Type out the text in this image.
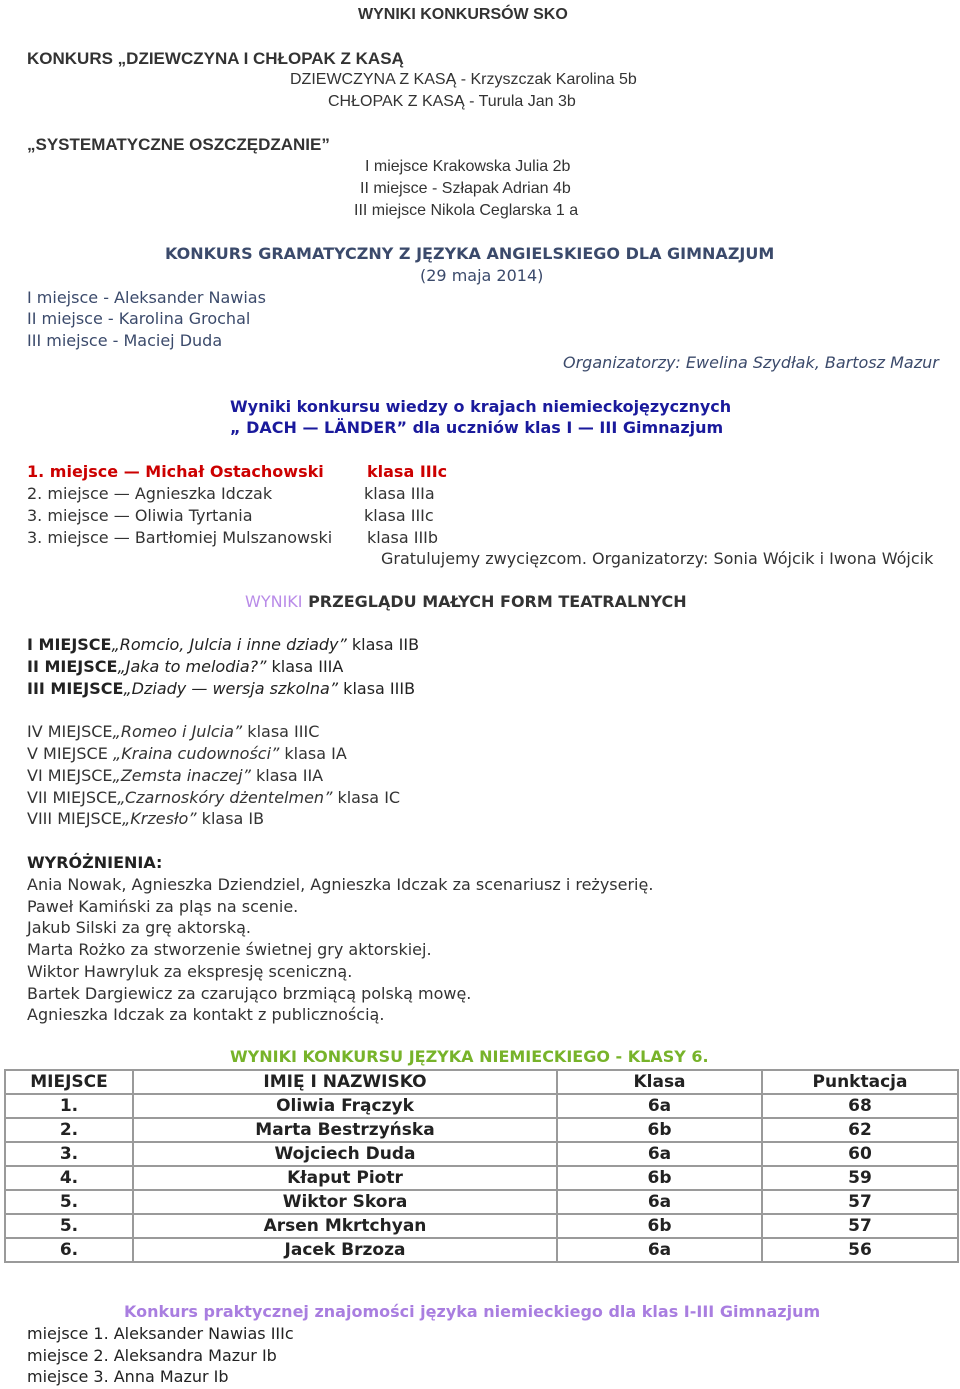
WYNIKI KONKURSÓW SKO
KONKURS „DZIEWCZYNA I CHŁOPAK Z KASĄ
DZIEWCZYNA Z KASĄ - Krzyszczak Karolina 5b
CHŁOPAK Z KASĄ - Turula Jan 3b
„SYSTEMATYCZNE OSZCZĘDZANIE”
I miejsce Krakowska Julia 2b
II miejsce - Szłapak Adrian 4b
III miejsce Nikola Ceglarska 1 a
KONKURS GRAMATYCZNY Z JĘZYKA ANGIELSKIEGO DLA GIMNAZJUM
(29 maja 2014)
I miejsce - Aleksander Nawias
II miejsce - Karolina Grochal
III miejsce - Maciej Duda
Organizatorzy: Ewelina Szydłak, Bartosz Mazur
Wyniki konkursu wiedzy o krajach niemieckojęzycznych
„ DACH — LÄNDER” dla uczniów klas I — III Gimnazjum
1. miejsce — Michał Ostachowski	klasa IIIc
2. miejsce — Agnieszka Idczak	klasa IIIa
3. miejsce — Oliwia Tyrtania	klasa IIIc
3. miejsce — Bartłomiej Mulszanowski klasa IIIb
Gratulujemy zwycięzcom. Organizatorzy: Sonia Wójcik i Iwona Wójcik
WYNIKI PRZEGLĄDU MAŁYCH FORM TEATRALNYCH
I MIEJSCE„Romcio, Julcia i inne dziady” klasa IIB
II MIEJSCE„Jaka to melodia?” klasa IIIA
III MIEJSCE„Dziady — wersja szkolna” klasa IIIB
IV MIEJSCE„Romeo i Julcia” klasa IIIC
V MIEJSCE „Kraina cudowności” klasa IA
VI MIEJSCE„Zemsta inaczej” klasa IIA
VII MIEJSCE„Czarnoskóry dżentelmen” klasa IC
VIII MIEJSCE„Krzesło” klasa IB
WYRÓŻNIENIA:
Ania Nowak, Agnieszka Dziendziel, Agnieszka Idczak za scenariusz i reżyserię.
Paweł Kamiński za pląs na scenie.
Jakub Silski za grę aktorską.
Marta Rożko za stworzenie świetnej gry aktorskiej.
Wiktor Hawryluk za ekspresję sceniczną.
Bartek Dargiewicz za czarująco brzmiącą polską mowę.
Agnieszka Idczak za kontakt z publicznością.
WYNIKI KONKURSU JĘZYKA NIEMIECKIEGO - KLASY 6.
MIEJSCE	IMIĘ I NAZWISKO	Klasa	Punktacja
1.	Oliwia Frączyk	6a	68
2.	Marta Bestrzyńska	6b	62
3.	Wojciech Duda	6a	60
4.	Kłaput Piotr	6b	59
5.	Wiktor Skora	6a	57
5.	Arsen Mkrtchyan	6b	57
6.	Jacek Brzoza	6a	56
Konkurs praktycznej znajomości języka niemieckiego dla klas I-III Gimnazjum
miejsce 1. Aleksander Nawias IIIc
miejsce 2. Aleksandra Mazur Ib
miejsce 3. Anna Mazur Ib
